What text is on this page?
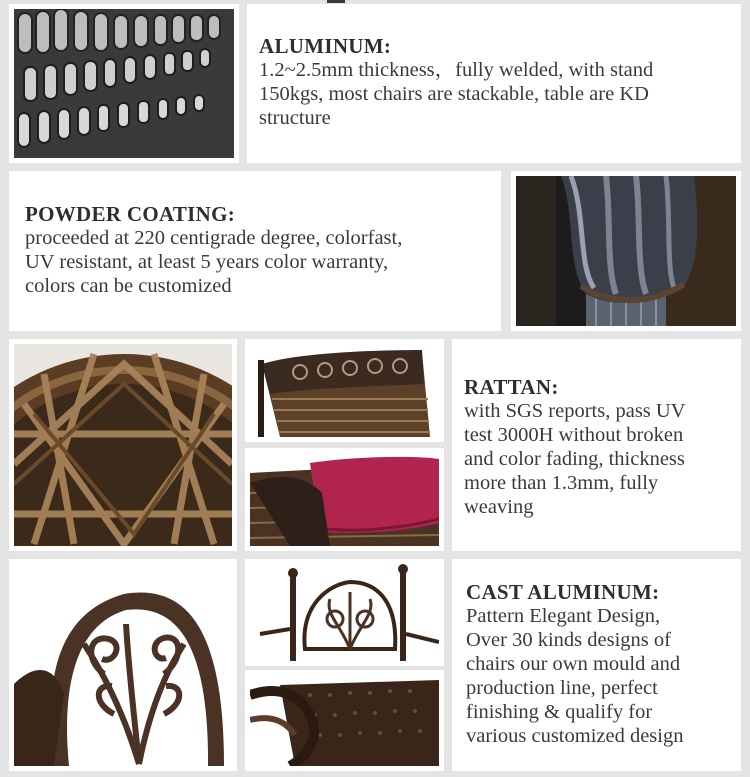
ALUMINUM:
1.2~2.5mm thickness，fully welded, with stand
150kgs, most chairs are stackable, table are KD
structure
POWDER COATING:
proceeded at 220 centigrade degree, colorfast,
UV resistant, at least 5 years color warranty,
colors can be customized
RATTAN:
with SGS reports, pass UV
test 3000H without broken
and color fading, thickness
more than 1.3mm, fully
weaving
CAST ALUMINUM:
Pattern Elegant Design,
Over 30 kinds designs of
chairs our own mould and
production line, perfect
finishing & qualify for
various customized design
